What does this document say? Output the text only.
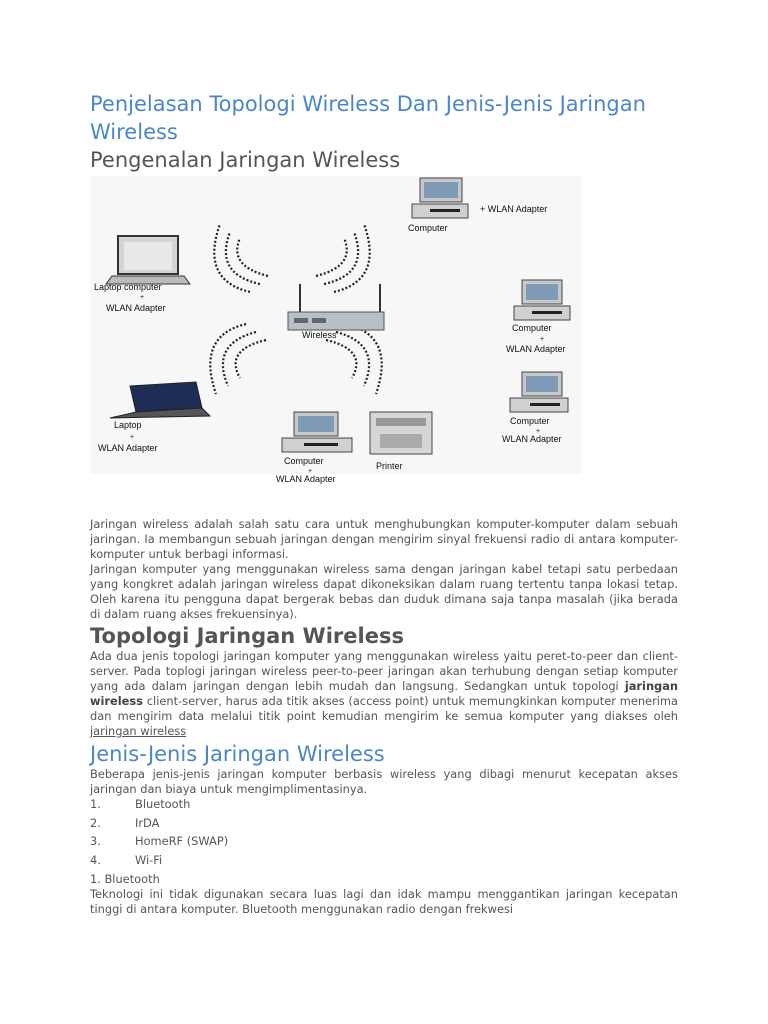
Penjelasan Topologi Wireless Dan Jenis-Jenis Jaringan Wireless
Pengenalan Jaringan Wireless
Wireless
Computer
+ WLAN Adapter
Laptop computer
+
WLAN Adapter
Computer
+
WLAN Adapter
Computer
+
WLAN Adapter
Laptop
+
WLAN Adapter
Computer
+
Printer
WLAN Adapter

Jaringan wireless adalah salah satu cara untuk menghubungkan komputer-komputer dalam sebuah jaringan. Ia membangun sebuah jaringan dengan mengirim sinyal frekuensi radio di antara komputer-komputer untuk berbagi informasi.

Jaringan komputer yang menggunakan wireless sama dengan jaringan kabel tetapi satu perbedaan yang kongkret adalah jaringan wireless dapat dikoneksikan dalam ruang tertentu tanpa lokasi tetap. Oleh karena itu pengguna dapat bergerak bebas dan duduk dimana saja tanpa masalah (jika berada di dalam ruang akses frekuensinya).

Topologi Jaringan Wireless

Ada dua jenis topologi jaringan komputer yang menggunakan wireless yaitu peret-to-peer dan client-server. Pada toplogi jaringan wireless peer-to-peer jaringan akan terhubung dengan setiap komputer yang ada dalam jaringan dengan lebih mudah dan langsung. Sedangkan untuk topologi jaringan wireless client-server, harus ada titik akses (access point) untuk memungkinkan komputer menerima dan mengirim data melalui titik point kemudian mengirim ke semua komputer yang diakses oleh jaringan wireless

Jenis-Jenis Jaringan Wireless

Beberapa jenis-jenis jaringan komputer berbasis wireless yang dibagi menurut kecepatan akses jaringan dan biaya untuk mengimplimentasinya.

1.	Bluetooth
2.	IrDA
3.	HomeRF (SWAP)
4.	Wi-Fi
1. Bluetooth

Teknologi ini tidak digunakan secara luas lagi dan idak mampu menggantikan jaringan kecepatan tinggi di antara komputer. Bluetooth menggunakan radio dengan frekwesi
